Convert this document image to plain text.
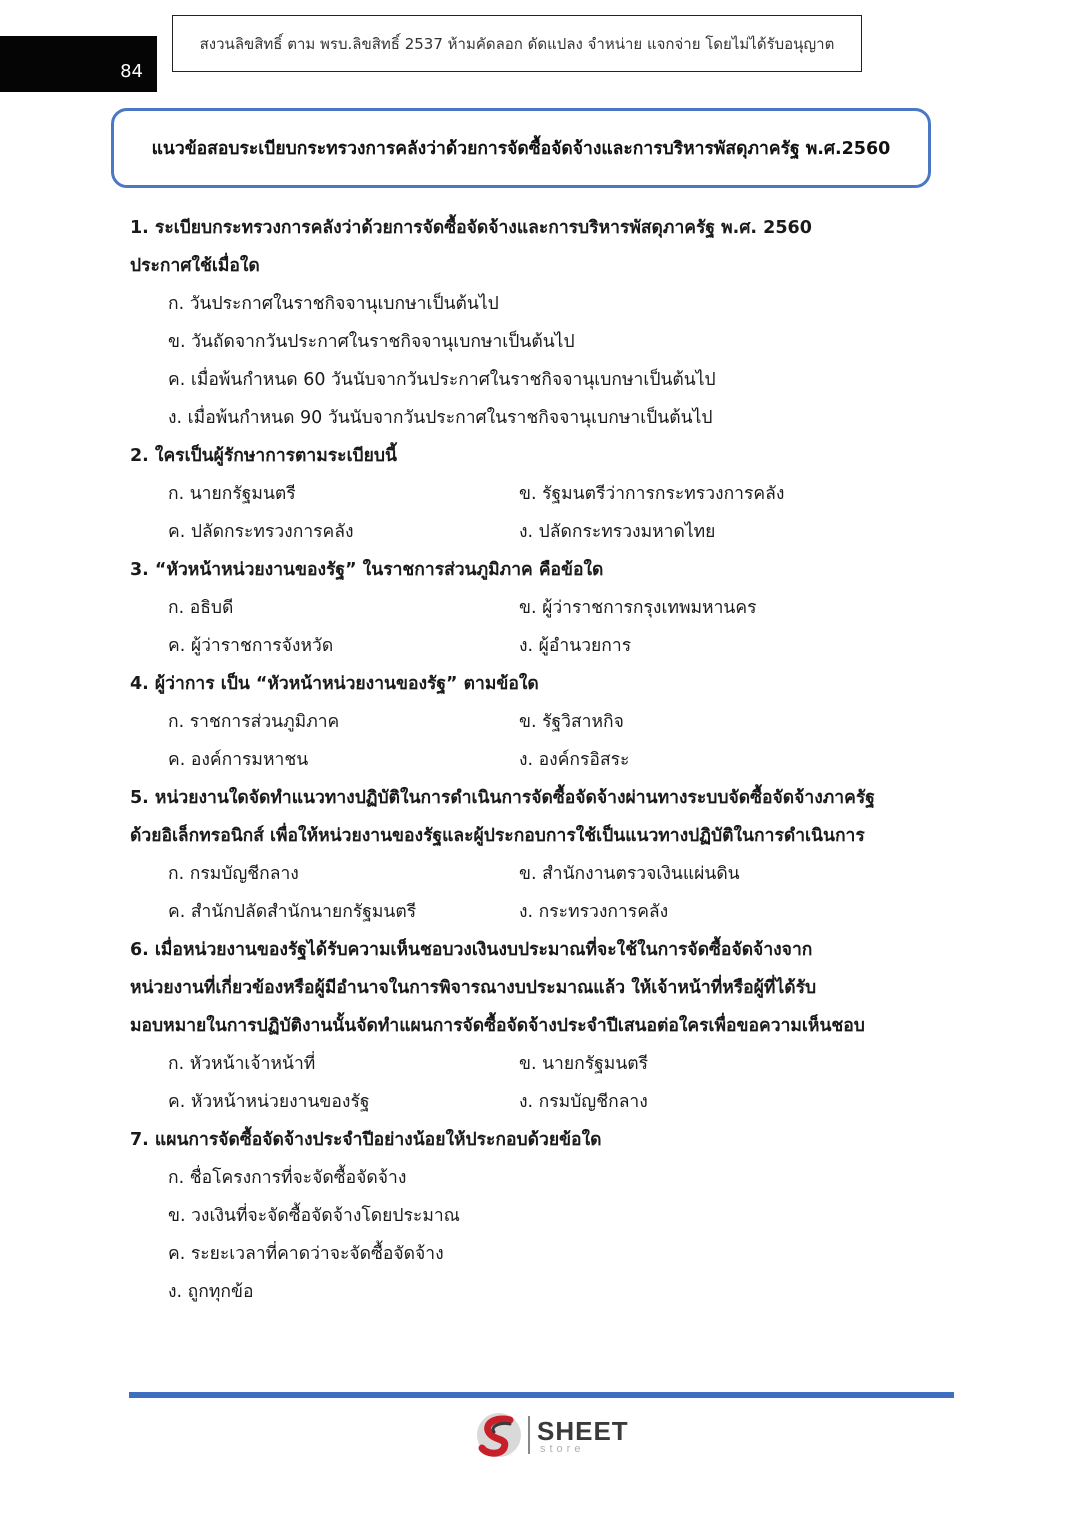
84
สงวนลิขสิทธิ์ ตาม พรบ.ลิขสิทธิ์ 2537 ห้ามคัดลอก ดัดแปลง จำหน่าย แจกจ่าย โดยไม่ได้รับอนุญาต
แนวข้อสอบระเบียบกระทรวงการคลังว่าด้วยการจัดซื้อจัดจ้างและการบริหารพัสดุภาครัฐ พ.ศ.2560
1. ระเบียบกระทรวงการคลังว่าด้วยการจัดซื้อจัดจ้างและการบริหารพัสดุภาครัฐ พ.ศ. 2560
ประกาศใช้เมื่อใด
ก. วันประกาศในราชกิจจานุเบกษาเป็นต้นไป
ข. วันถัดจากวันประกาศในราชกิจจานุเบกษาเป็นต้นไป
ค. เมื่อพ้นกำหนด 60 วันนับจากวันประกาศในราชกิจจานุเบกษาเป็นต้นไป
ง. เมื่อพ้นกำหนด 90 วันนับจากวันประกาศในราชกิจจานุเบกษาเป็นต้นไป
2. ใครเป็นผู้รักษาการตามระเบียบนี้
ก. นายกรัฐมนตรี	ข. รัฐมนตรีว่าการกระทรวงการคลัง
ค. ปลัดกระทรวงการคลัง	ง. ปลัดกระทรวงมหาดไทย
3. “หัวหน้าหน่วยงานของรัฐ” ในราชการส่วนภูมิภาค คือข้อใด
ก. อธิบดี	ข. ผู้ว่าราชการกรุงเทพมหานคร
ค. ผู้ว่าราชการจังหวัด	ง. ผู้อำนวยการ
4. ผู้ว่าการ เป็น “หัวหน้าหน่วยงานของรัฐ” ตามข้อใด
ก. ราชการส่วนภูมิภาค	ข. รัฐวิสาหกิจ
ค. องค์การมหาชน	ง. องค์กรอิสระ
5. หน่วยงานใดจัดทำแนวทางปฏิบัติในการดำเนินการจัดซื้อจัดจ้างผ่านทางระบบจัดซื้อจัดจ้างภาครัฐ
ด้วยอิเล็กทรอนิกส์ เพื่อให้หน่วยงานของรัฐและผู้ประกอบการใช้เป็นแนวทางปฏิบัติในการดำเนินการ
ก. กรมบัญชีกลาง	ข. สำนักงานตรวจเงินแผ่นดิน
ค. สำนักปลัดสำนักนายกรัฐมนตรี	ง. กระทรวงการคลัง
6. เมื่อหน่วยงานของรัฐได้รับความเห็นชอบวงเงินงบประมาณที่จะใช้ในการจัดซื้อจัดจ้างจาก
หน่วยงานที่เกี่ยวข้องหรือผู้มีอำนาจในการพิจารณางบประมาณแล้ว ให้เจ้าหน้าที่หรือผู้ที่ได้รับ
มอบหมายในการปฏิบัติงานนั้นจัดทำแผนการจัดซื้อจัดจ้างประจำปีเสนอต่อใครเพื่อขอความเห็นชอบ
ก. หัวหน้าเจ้าหน้าที่	ข. นายกรัฐมนตรี
ค. หัวหน้าหน่วยงานของรัฐ	ง. กรมบัญชีกลาง
7. แผนการจัดซื้อจัดจ้างประจำปีอย่างน้อยให้ประกอบด้วยข้อใด
ก. ชื่อโครงการที่จะจัดซื้อจัดจ้าง
ข. วงเงินที่จะจัดซื้อจัดจ้างโดยประมาณ
ค. ระยะเวลาที่คาดว่าจะจัดซื้อจัดจ้าง
ง. ถูกทุกข้อ
SHEET
store
